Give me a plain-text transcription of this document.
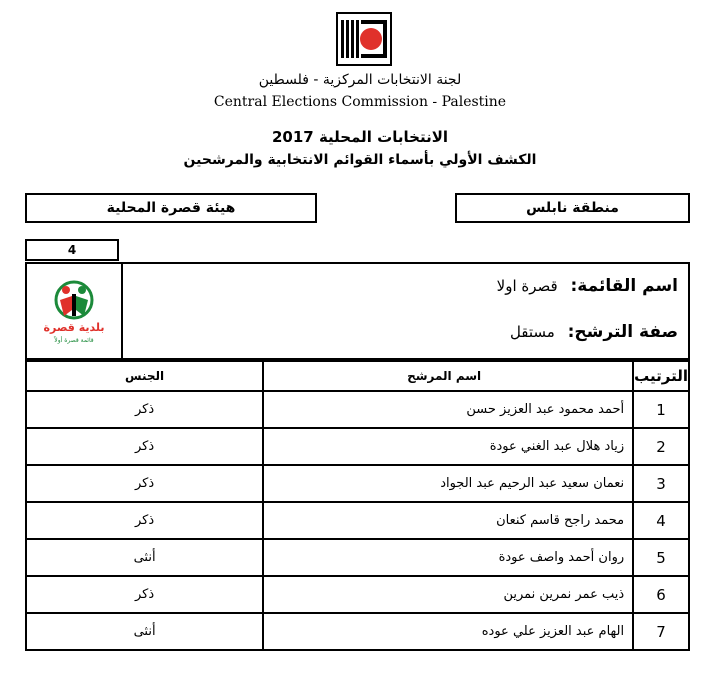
لجنة الانتخابات المركزية - فلسطين
Central Elections Commission - Palestine
الانتخابات المحلية 2017
الكشف الأولي بأسماء القوائم الانتخابية والمرشحين
هيئة قصرة المحلية	منطقة نابلس
4
بلدية قصرة
قائمة قصرة أولاً
اسم القائمة: قصرة اولا
صفة الترشح: مستقل
الترتيب	اسم المرشح	الجنس
1	أحمد محمود عبد العزيز حسن	ذكر
2	زياد هلال عبد الغني عودة	ذكر
3	نعمان سعيد عبد الرحيم عبد الجواد	ذكر
4	محمد راجح قاسم كنعان	ذكر
5	روان أحمد واصف عودة	أنثى
6	ذيب عمر نمرين نمرين	ذكر
7	الهام عبد العزيز علي عوده	أنثى
